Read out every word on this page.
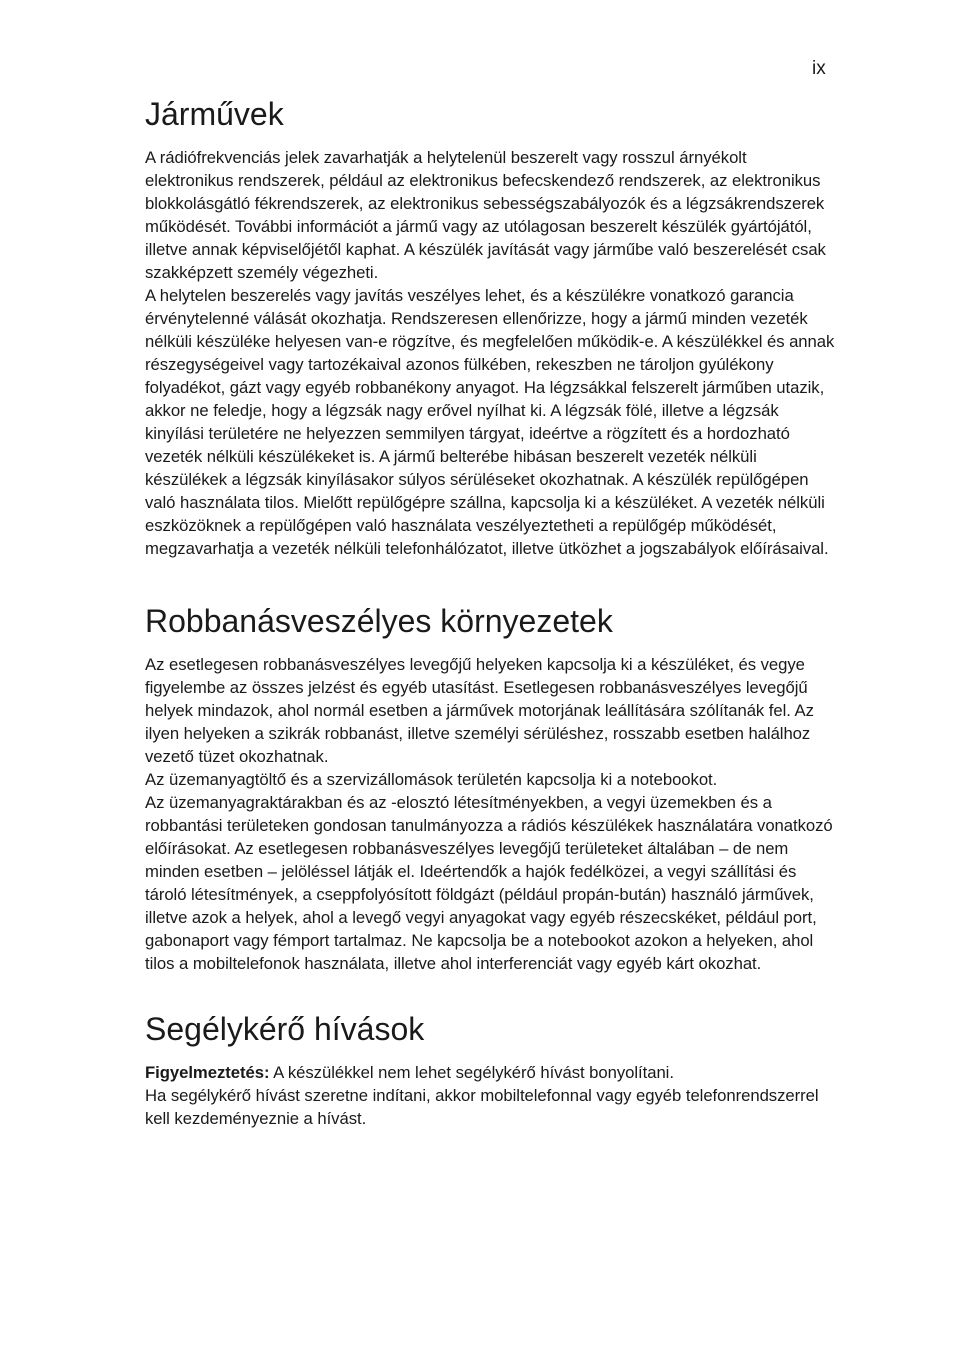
ix
Járművek

A rádiófrekvenciás jelek zavarhatják a helytelenül beszerelt vagy rosszul árnyékolt elektronikus rendszerek, például az elektronikus befecskendező rendszerek, az elektronikus blokkolásgátló fékrendszerek, az elektronikus sebességszabályozók és a légzsákrendszerek működését. További információt a jármű vagy az utólagosan beszerelt készülék gyártójától, illetve annak képviselőjétől kaphat. A készülék javítását vagy járműbe való beszerelését csak szakképzett személy végezheti.

A helytelen beszerelés vagy javítás veszélyes lehet, és a készülékre vonatkozó garancia érvénytelenné válását okozhatja. Rendszeresen ellenőrizze, hogy a jármű minden vezeték nélküli készüléke helyesen van-e rögzítve, és megfelelően működik-e. A készülékkel és annak részegységeivel vagy tartozékaival azonos fülkében, rekeszben ne tároljon gyúlékony folyadékot, gázt vagy egyéb robbanékony anyagot. Ha légzsákkal felszerelt járműben utazik, akkor ne feledje, hogy a légzsák nagy erővel nyílhat ki. A légzsák fölé, illetve a légzsák kinyílási területére ne helyezzen semmilyen tárgyat, ideértve a rögzített és a hordozható vezeték nélküli készülékeket is. A jármű belterébe hibásan beszerelt vezeték nélküli készülékek a légzsák kinyílásakor súlyos sérüléseket okozhatnak. A készülék repülőgépen való használata tilos. Mielőtt repülőgépre szállna, kapcsolja ki a készüléket. A vezeték nélküli eszközöknek a repülőgépen való használata veszélyeztetheti a repülőgép működését, megzavarhatja a vezeték nélküli telefonhálózatot, illetve ütközhet a jogszabályok előírásaival.

Robbanásveszélyes környezetek

Az esetlegesen robbanásveszélyes levegőjű helyeken kapcsolja ki a készüléket, és vegye figyelembe az összes jelzést és egyéb utasítást. Esetlegesen robbanásveszélyes levegőjű helyek mindazok, ahol normál esetben a járművek motorjának leállítására szólítanák fel. Az ilyen helyeken a szikrák robbanást, illetve személyi sérüléshez, rosszabb esetben halálhoz vezető tüzet okozhatnak.

Az üzemanyagtöltő és a szervizállomások területén kapcsolja ki a notebookot.

Az üzemanyagraktárakban és az -elosztó létesítményekben, a vegyi üzemekben és a robbantási területeken gondosan tanulmányozza a rádiós készülékek használatára vonatkozó előírásokat. Az esetlegesen robbanásveszélyes levegőjű területeket általában – de nem minden esetben – jelöléssel látják el. Ideértendők a hajók fedélközei, a vegyi szállítási és tároló létesítmények, a cseppfolyósított földgázt (például propán-bután) használó járművek, illetve azok a helyek, ahol a levegő vegyi anyagokat vagy egyéb részecskéket, például port, gabonaport vagy fémport tartalmaz. Ne kapcsolja be a notebookot azokon a helyeken, ahol tilos a mobiltelefonok használata, illetve ahol interferenciát vagy egyéb kárt okozhat.

Segélykérő hívások

Figyelmeztetés: A készülékkel nem lehet segélykérő hívást bonyolítani.

Ha segélykérő hívást szeretne indítani, akkor mobiltelefonnal vagy egyéb telefonrendszerrel kell kezdeményeznie a hívást.
